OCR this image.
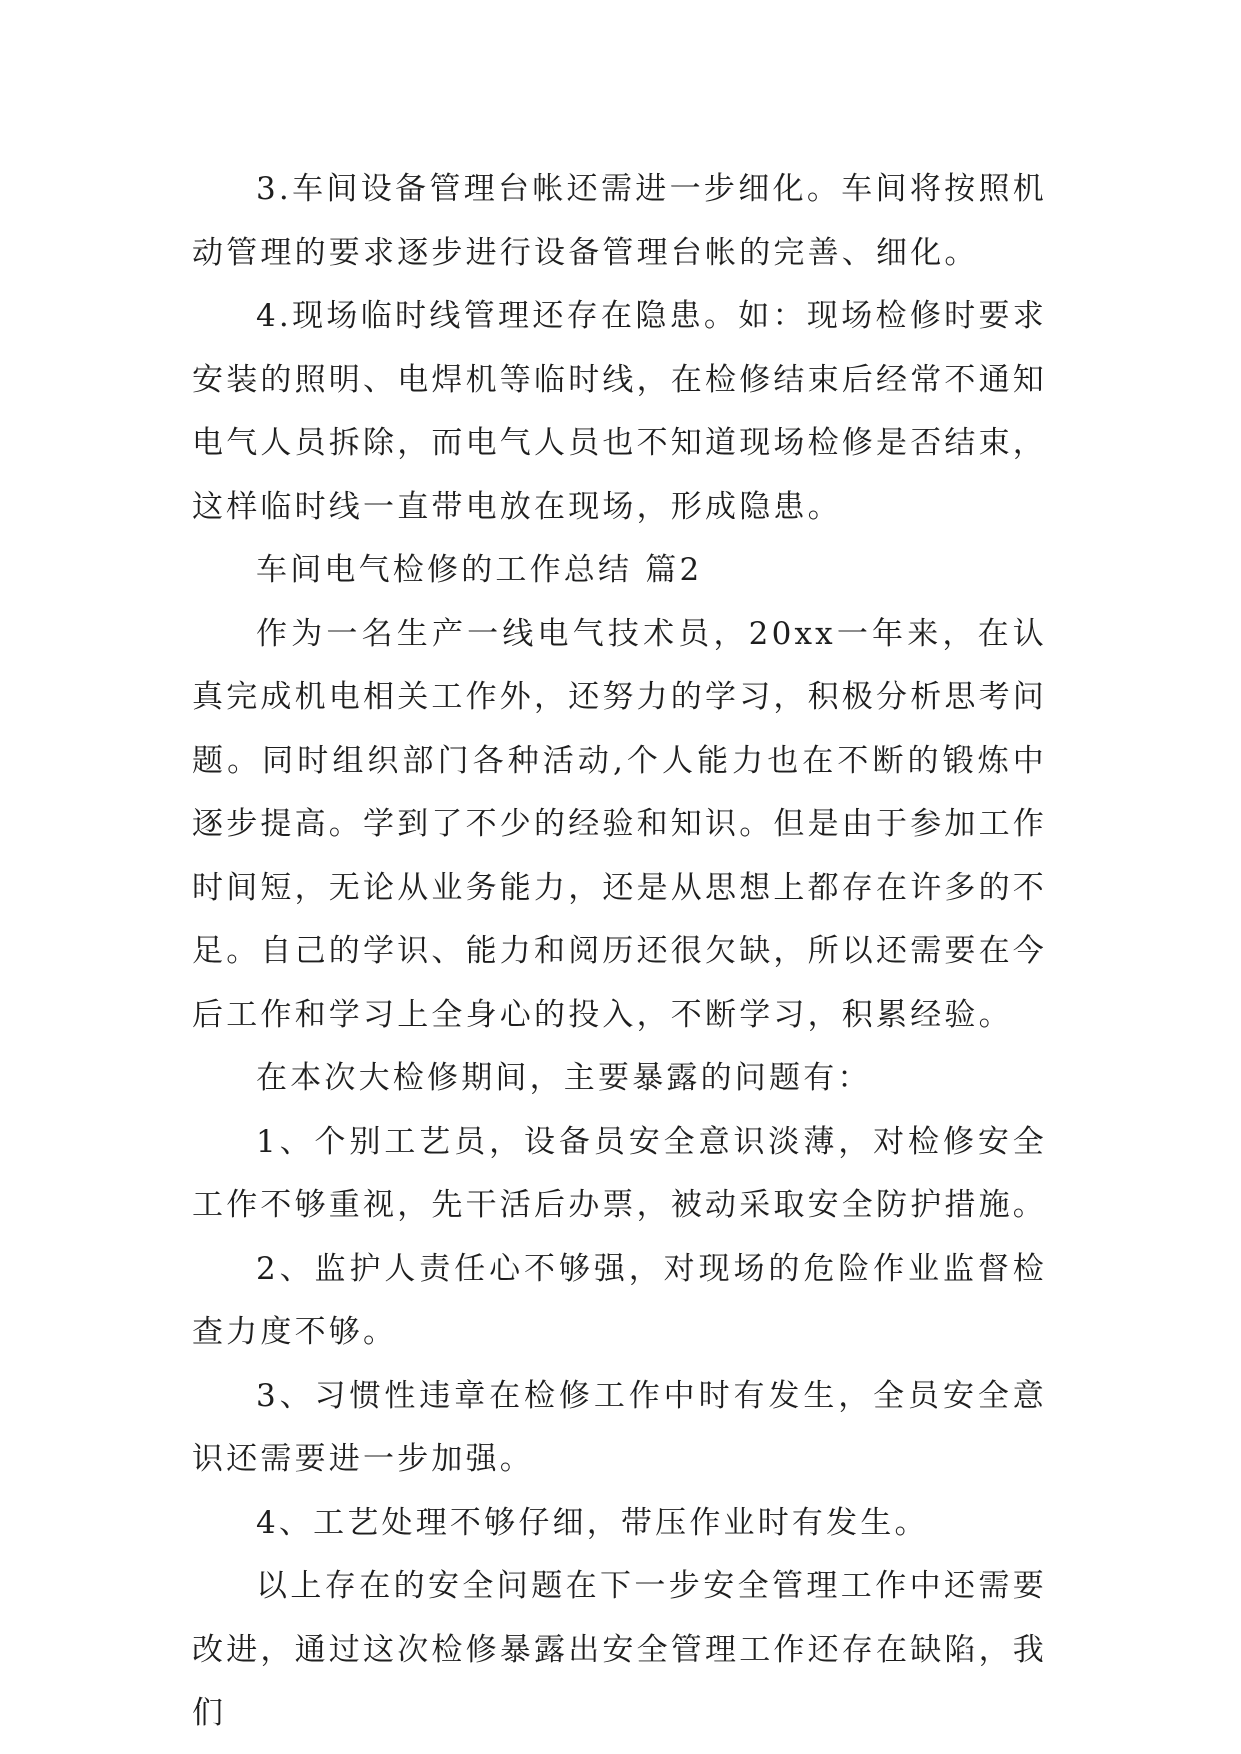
3.车间设备管理台帐还需进一步细化。车间将按照机动管理的要求逐步进行设备管理台帐的完善、细化。

4.现场临时线管理还存在隐患。如：现场检修时要求安装的照明、电焊机等临时线，在检修结束后经常不通知电气人员拆除，而电气人员也不知道现场检修是否结束，这样临时线一直带电放在现场，形成隐患。

车间电气检修的工作总结 篇2

作为一名生产一线电气技术员，20xx一年来，在认真完成机电相关工作外，还努力的学习，积极分析思考问题。同时组织部门各种活动,个人能力也在不断的锻炼中逐步提高。学到了不少的经验和知识。但是由于参加工作时间短，无论从业务能力，还是从思想上都存在许多的不足。自己的学识、能力和阅历还很欠缺，所以还需要在今后工作和学习上全身心的投入，不断学习，积累经验。

在本次大检修期间，主要暴露的问题有：

1、个别工艺员，设备员安全意识淡薄，对检修安全工作不够重视，先干活后办票，被动采取安全防护措施。

2、监护人责任心不够强，对现场的危险作业监督检查力度不够。

3、习惯性违章在检修工作中时有发生，全员安全意识还需要进一步加强。

4、工艺处理不够仔细，带压作业时有发生。

以上存在的安全问题在下一步安全管理工作中还需要改进，通过这次检修暴露出安全管理工作还存在缺陷，我们
